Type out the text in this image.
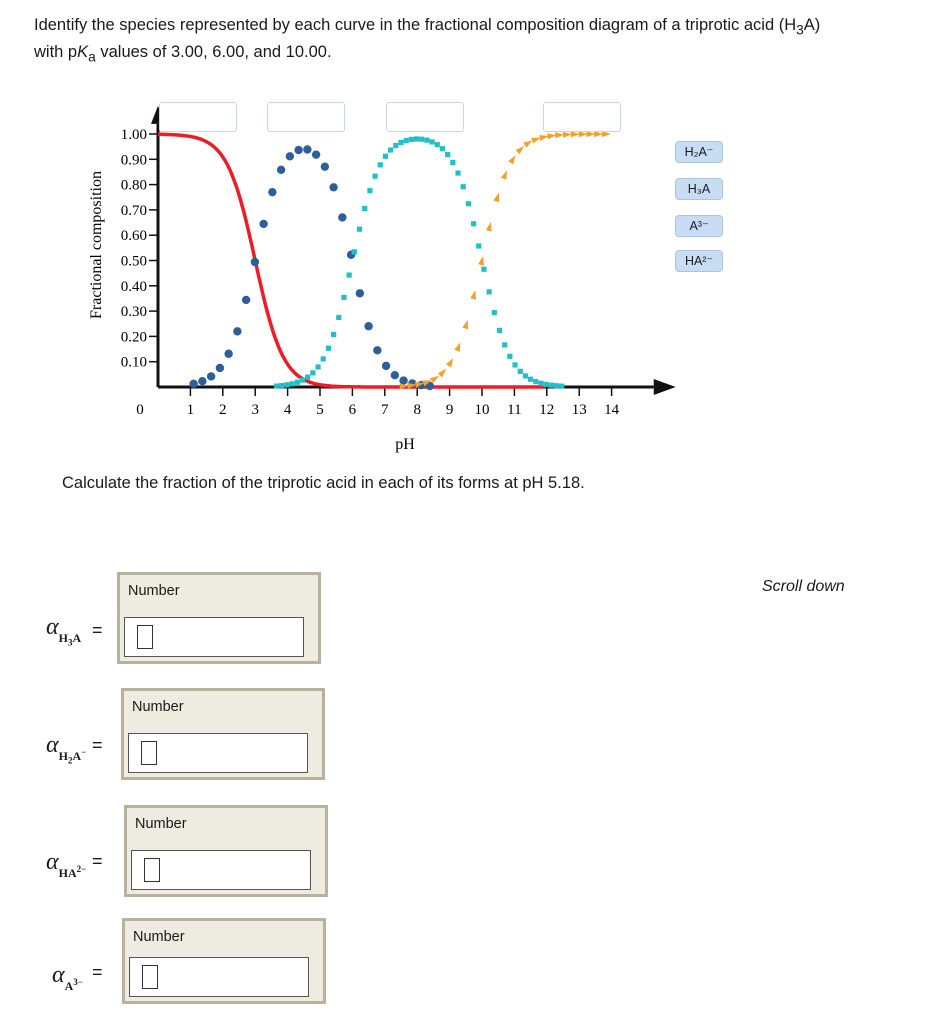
Identify the species represented by each curve in the fractional composition diagram of a triprotic acid $(H_3A)$
with $pK_a$ values of 3.00, 6.00, and 10.00.
1.00
0.90
0.80
0.70
0.60
0.50
0.40
0.30
0.20
0.10
0	1 2 3 4 5 6 7 8 9 10 11 12 13 14
Fractional composition
pH
H₂A⁻
H₃A
A³⁻
HA²⁻
Calculate the fraction of the triprotic acid in each of its forms at pH 5.18.
Scroll down
$\alpha_{H_3A}$ =
Number
$\alpha_{H_2A^-}$ =
Number
$\alpha_{HA^{2-}}$ =
Number
$\alpha_{A^{3-}}$ =
Number
